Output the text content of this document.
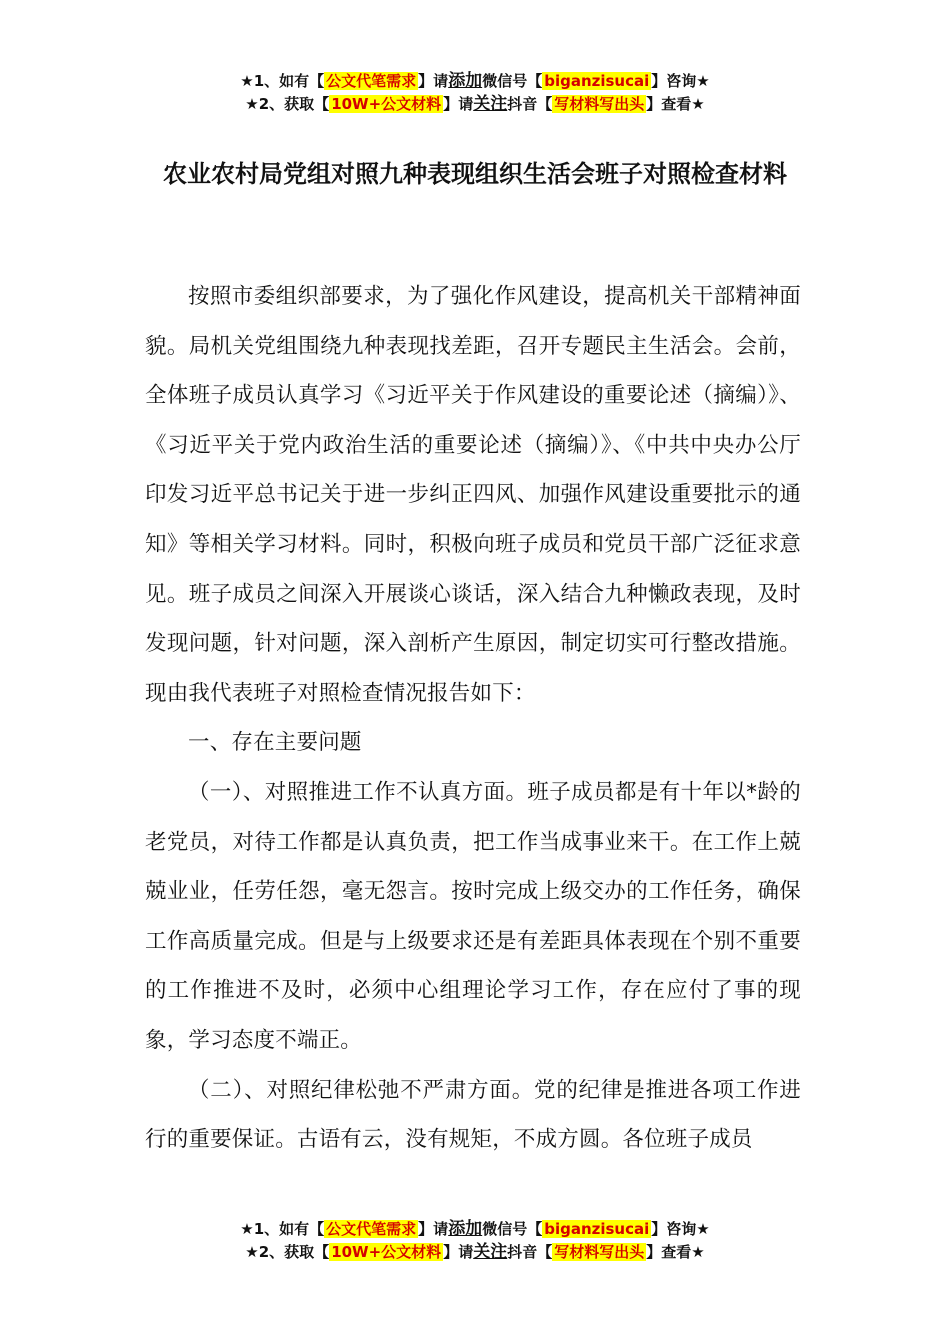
★1、如有【 公文代笔需求 】请添加微信号【 biganzisucai 】咨询★
★2、获取【 10W+公文材料 】请关注抖音【 写材料写出头 】查看★
农业农村局党组对照九种表现组织生活会班子对照检查材料

按照市委组织部要求，为了强化作风建设，提高机关干部精神面貌。局机关党组围绕九种表现找差距，召开专题民主生活会。会前，全体班子成员认真学习《习近平关于作风建设的重要论述（摘编）》、《习近平关于党内政治生活的重要论述（摘编）》、《中共中央办公厅印发习近平总书记关于进一步纠正四风、加强作风建设重要批示的通知》等相关学习材料。同时，积极向班子成员和党员干部广泛征求意见。班子成员之间深入开展谈心谈话，深入结合九种懒政表现，及时发现问题，针对问题，深入剖析产生原因，制定切实可行整改措施。现由我代表班子对照检查情况报告如下：

一、存在主要问题

（一）、对照推进工作不认真方面。班子成员都是有十年以*龄的老党员，对待工作都是认真负责，把工作当成事业来干。在工作上兢兢业业，任劳任怨，毫无怨言。按时完成上级交办的工作任务，确保工作高质量完成。但是与上级要求还是有差距具体表现在个别不重要的工作推进不及时，必须中心组理论学习工作，存在应付了事的现象，学习态度不端正。

（二）、对照纪律松弛不严肃方面。党的纪律是推进各项工作进行的重要保证。古语有云，没有规矩，不成方圆。各位班子成员

★1、如有【 公文代笔需求 】请添加微信号【 biganzisucai 】咨询★
★2、获取【 10W+公文材料 】请关注抖音【 写材料写出头 】查看★
